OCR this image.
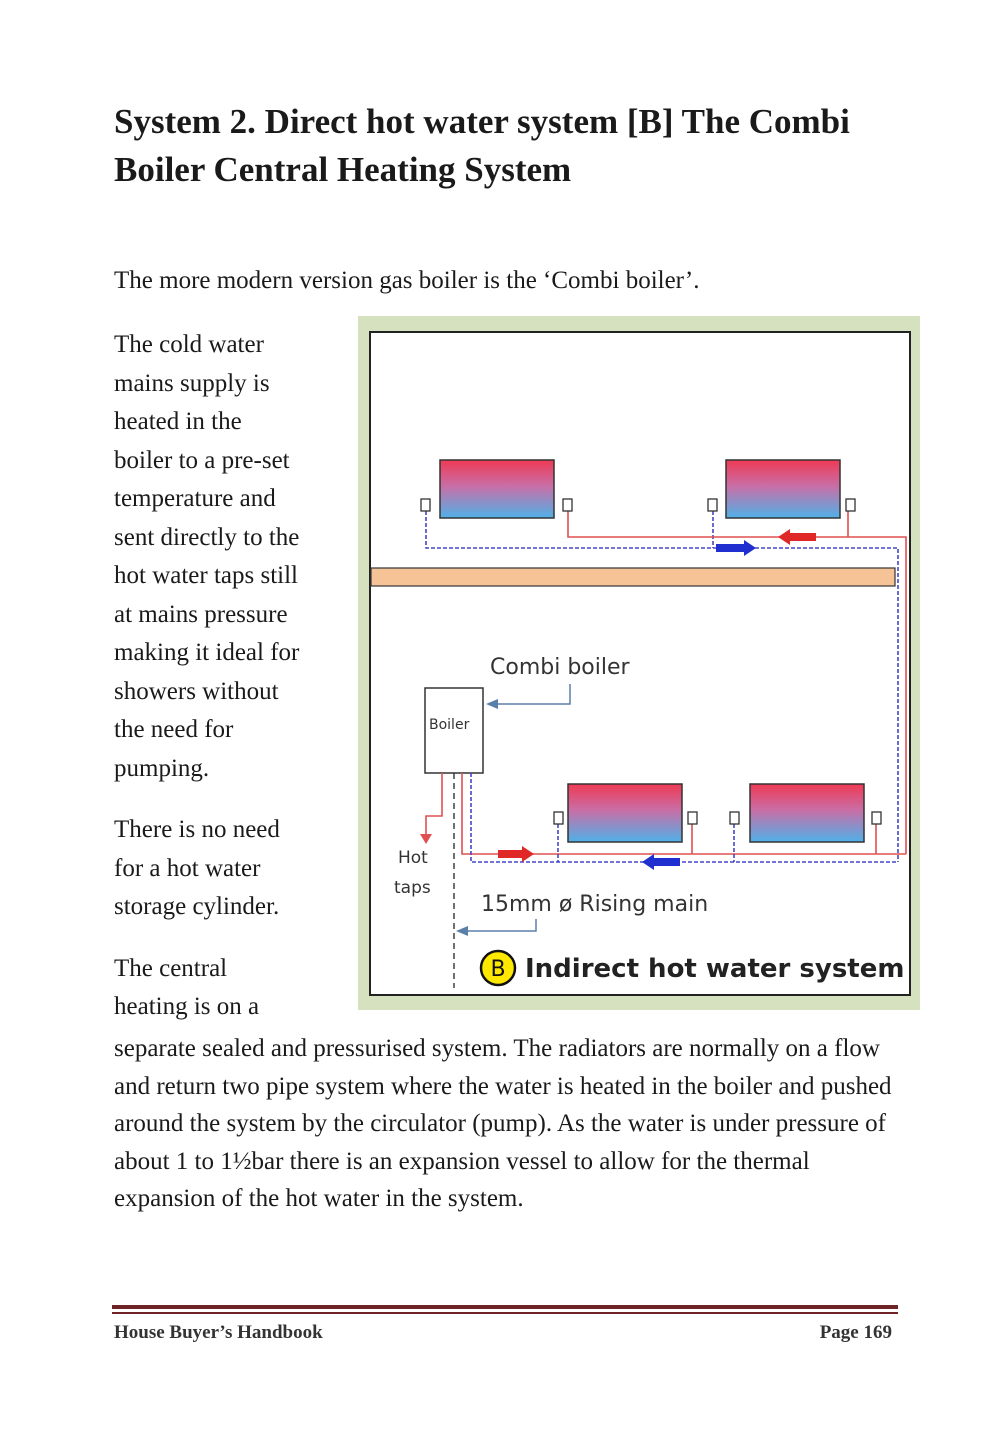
System 2. Direct hot water system [B] The Combi Boiler Central Heating System

The more modern version gas boiler is the ‘Combi boiler’.

The cold water
mains supply is
heated in the
boiler to a pre-set
temperature and
sent directly to the
hot water taps still
at mains pressure
making it ideal for
showers without
the need for
pumping.

There is no need
for a hot water
storage cylinder.

The central
heating is on a

separate sealed and pressurised system. The radiators are normally on a flow and return two pipe system where the water is heated in the boiler and pushed around the system by the circulator (pump). As the water is under pressure of about 1 to 1½bar there is an expansion vessel to allow for the thermal expansion of the hot water in the system.

Boiler
Hot
taps
Combi boiler
15mm ø Rising main
B Indirect hot water system
House Buyer’s Handbook	Page 169
